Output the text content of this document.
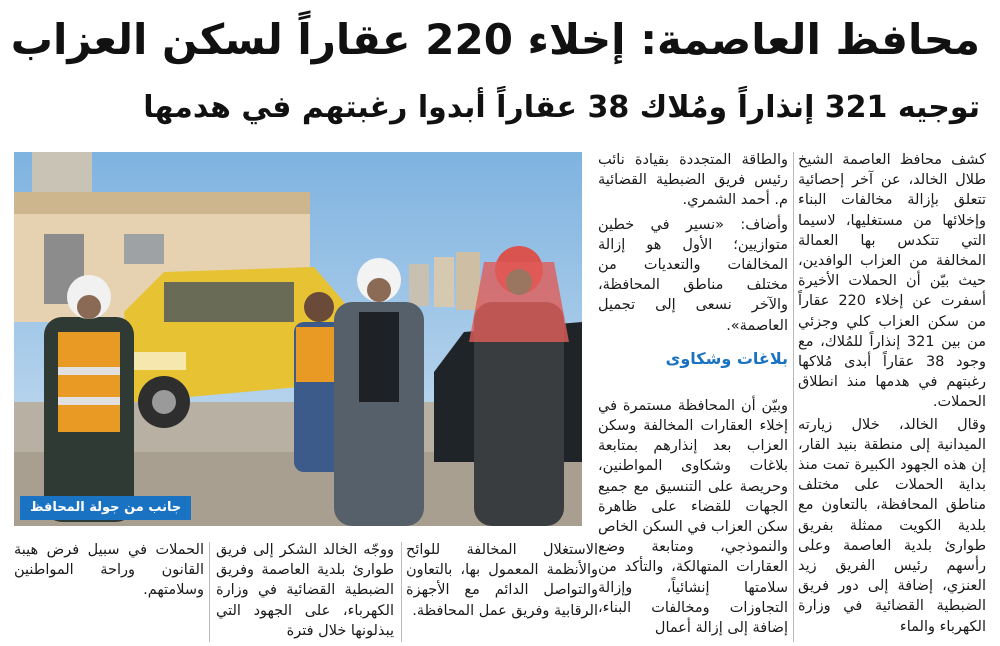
محافظ العاصمة: إخلاء 220 عقاراً لسكن العزاب
توجيه 321 إنذاراً ومُلاك 38 عقاراً أبدوا رغبتهم في هدمها

كشف محافظ العاصمة الشيخ طلال الخالد، عن آخر إحصائية تتعلق بإزالة مخالفات البناء وإخلائها من مستغليها، لاسيما التي تتكدس بها العمالة المخالفة من العزاب الوافدين، حيث بيّن أن الحملات الأخيرة أسفرت عن إخلاء 220 عقاراً من سكن العزاب كلي وجزئي من بين 321 إنذاراً للمُلاك، مع وجود 38 عقاراً أبدى مُلاكها رغبتهم في هدمها منذ انطلاق الحملات.

وقال الخالد، خلال زيارته الميدانية إلى منطقة بنيد القار، إن هذه الجهود الكبيرة تمت منذ بداية الحملات على مختلف مناطق المحافظة، بالتعاون مع بلدية الكويت ممثلة بفريق طوارئ بلدية العاصمة وعلى رأسهم رئيس الفريق زيد العنزي، إضافة إلى دور فريق الضبطية القضائية في وزارة الكهرباء والماء

والطاقة المتجددة بقيادة نائب رئيس فريق الضبطية القضائية م. أحمد الشمري.

وأضاف: «نسير في خطين متوازيين؛ الأول هو إزالة المخالفات والتعديات من مختلف مناطق المحافظة، والآخر نسعى إلى تجميل العاصمة».

بلاغات وشكاوى

وبيّن أن المحافظة مستمرة في إخلاء العقارات المخالفة وسكن العزاب بعد إنذارهم بمتابعة بلاغات وشكاوى المواطنين، وحريصة على التنسيق مع جميع الجهات للقضاء على ظاهرة سكن العزاب في السكن الخاص والنموذجي، ومتابعة وضع العقارات المتهالكة، والتأكد من سلامتها إنشائياً، وإزالة التجاوزات ومخالفات البناء، إضافة إلى إزالة أعمال

جانب من جولة المحافظ
الاستغلال المخالفة للوائح والأنظمة المعمول بها، بالتعاون والتواصل الدائم مع الأجهزة الرقابية وفريق عمل المحافظة.
ووجّه الخالد الشكر إلى فريق طوارئ بلدية العاصمة وفريق الضبطية القضائية في وزارة الكهرباء، على الجهود التي يبذلونها خلال فترة
الحملات في سبيل فرض هيبة القانون وراحة المواطنين وسلامتهم.
